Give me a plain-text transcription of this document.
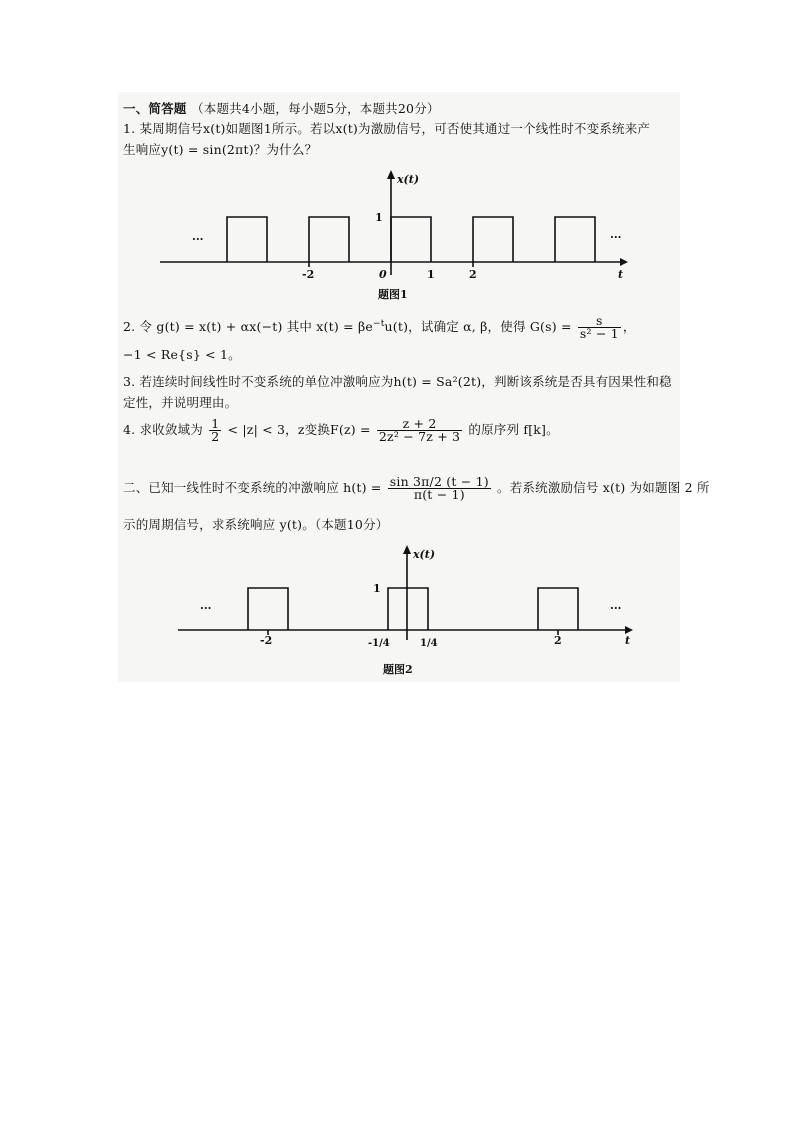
一、简答题 （本题共4小题，每小题5分，本题共20分）
1. 某周期信号x(t)如题图1所示。若以x(t)为激励信号，可否使其通过一个线性时不变系统来产
生响应y(t) = sin(2πt)？为什么？
x(t)
t
1
-2	0	1	2
···	···
题图1
2. 令 g(t) = x(t) + αx(−t) 其中 $x(t) = \beta e^{-t}u(t)$，试确定 α, β，使得 $G(s) = \frac{s}{\text{s² − 1}}$ ，
−1 < Re{s} < 1。
3. 若连续时间线性时不变系统的单位冲激响应为h(t) = Sa²(2t)，判断该系统是否具有因果性和稳
定性，并说明理由。
4. 求收敛域为 $\frac{1}{2} < |z| < 3$，z变换$F(z) = \frac{z + 2}{\text{2z² − 7z + 3}}$ 的原序列 f[k]。
二、已知一线性时不变系统的冲激响应 $h(t) = \frac{\sin 3\pi/2 (t - 1)}{\pi(t - 1)}$ 。若系统激励信号 x(t) 为如题图 2 所
示的周期信号，求系统响应 y(t)。（本题10分）
x(t)
t
1
-2	-1/4	1/4	2
···	···
题图2
